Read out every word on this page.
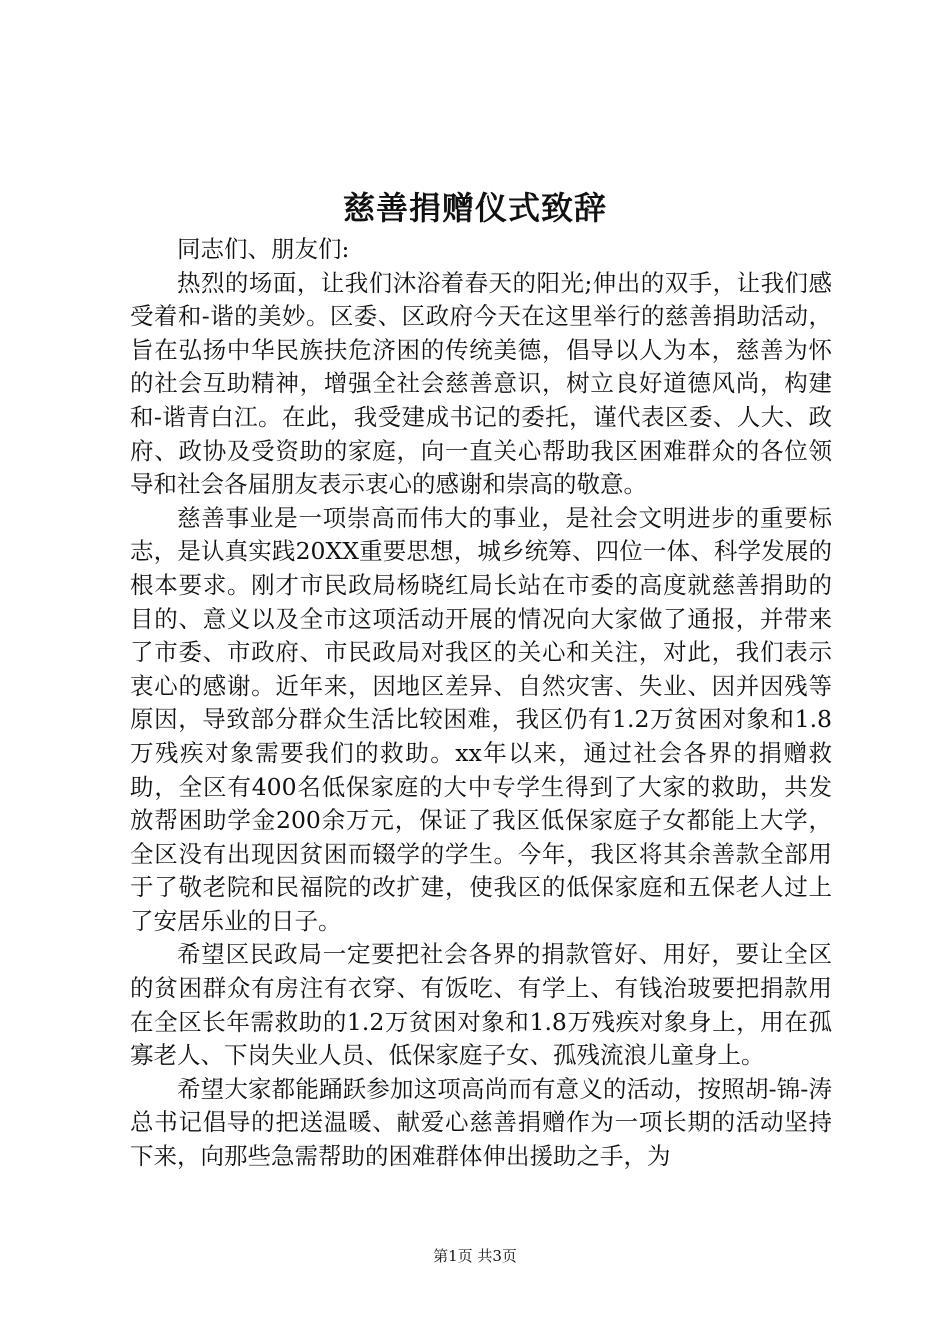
慈善捐赠仪式致辞

同志们、朋友们:

热烈的场面，让我们沐浴着春天的阳光;伸出的双手，让我们感受着和-谐的美妙。区委、区政府今天在这里举行的慈善捐助活动，旨在弘扬中华民族扶危济困的传统美德，倡导以人为本，慈善为怀的社会互助精神，增强全社会慈善意识，树立良好道德风尚，构建和-谐青白江。在此，我受建成书记的委托，谨代表区委、人大、政府、政协及受资助的家庭，向一直关心帮助我区困难群众的各位领导和社会各届朋友表示衷心的感谢和崇高的敬意。

慈善事业是一项崇高而伟大的事业，是社会文明进步的重要标志，是认真实践20XX重要思想，城乡统筹、四位一体、科学发展的根本要求。刚才市民政局杨晓红局长站在市委的高度就慈善捐助的目的、意义以及全市这项活动开展的情况向大家做了通报，并带来了市委、市政府、市民政局对我区的关心和关注，对此，我们表示衷心的感谢。近年来，因地区差异、自然灾害、失业、因并因残等原因，导致部分群众生活比较困难，我区仍有1.2万贫困对象和1.8万残疾对象需要我们的救助。xx年以来，通过社会各界的捐赠救助，全区有400名低保家庭的大中专学生得到了大家的救助，共发放帮困助学金200余万元，保证了我区低保家庭子女都能上大学，全区没有出现因贫困而辍学的学生。今年，我区将其余善款全部用于了敬老院和民福院的改扩建，使我区的低保家庭和五保老人过上了安居乐业的日子。

希望区民政局一定要把社会各界的捐款管好、用好，要让全区的贫困群众有房注有衣穿、有饭吃、有学上、有钱治玻要把捐款用在全区长年需救助的1.2万贫困对象和1.8万残疾对象身上，用在孤寡老人、下岗失业人员、低保家庭子女、孤残流浪儿童身上。

希望大家都能踊跃参加这项高尚而有意义的活动，按照胡-锦-涛总书记倡导的把送温暖、献爱心慈善捐赠作为一项长期的活动坚持下来，向那些急需帮助的困难群体伸出援助之手，为

第1页 共3页
